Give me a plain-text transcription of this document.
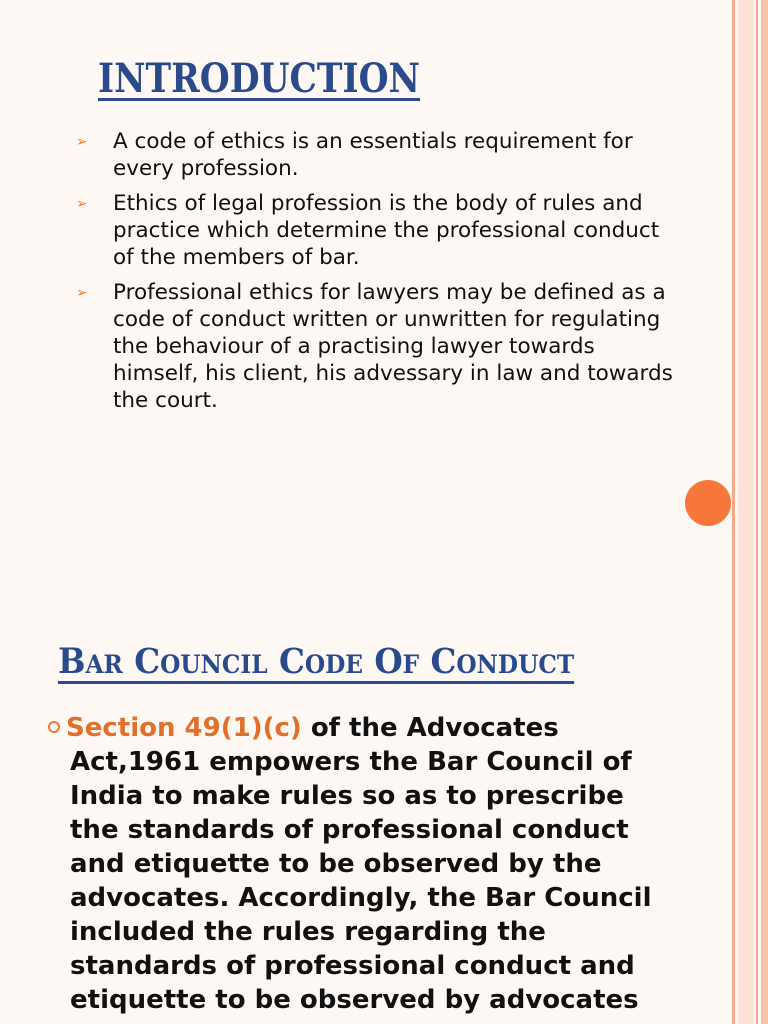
INTRODUCTION
➢ A code of ethics is an essentials requirement for every profession.
➢ Ethics of legal profession is the body of rules and practice which determine the professional conduct of the members of bar.
➢ Professional ethics for lawyers may be defined as a code of conduct written or unwritten for regulating the behaviour of a practising lawyer towards himself, his client, his advessary in law and towards the court.
Bar Council Code Of Conduct

Section 49(1)(c) of the Advocates
Act,1961 empowers the Bar Council of India to make rules so as to prescribe the standards of professional conduct and etiquette to be observed by the advocates. Accordingly, the Bar Council included the rules regarding the standards of professional conduct and etiquette to be observed by advocates
